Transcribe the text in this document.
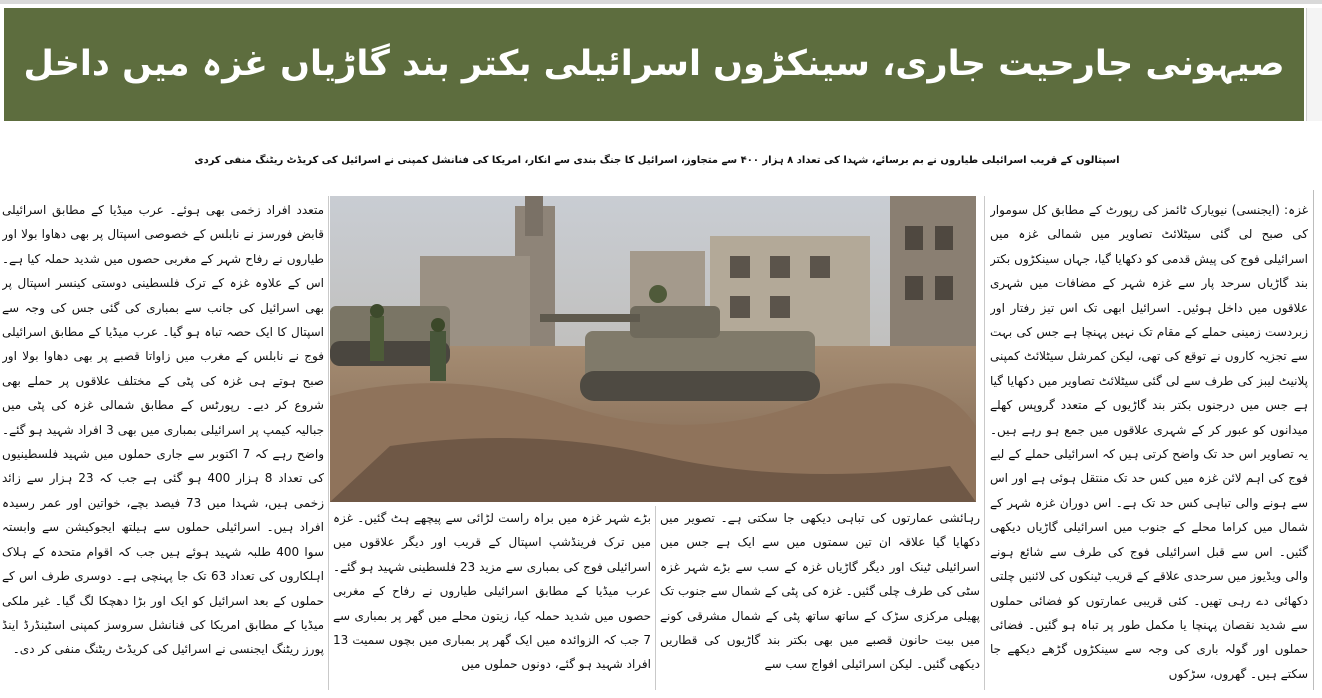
صیہونی جارحیت جاری، سینکڑوں اسرائیلی بکتر بند گاڑیاں غزہ میں داخل
اسپتالوں کے قریب اسرائیلی طیاروں نے بم برسائے، شہدا کی تعداد ۸ ہزار ۴۰۰ سے متجاوز، اسرائیل کا جنگ بندی سے انکار، امریکا کی فنانشل کمپنی نے اسرائیل کی کریڈٹ ریٹنگ منفی کردی
غزہ: (ایجنسی) نیویارک ٹائمز کی رپورٹ کے مطابق کل سوموار کی صبح لی گئی سیٹلائٹ تصاویر میں شمالی غزہ میں اسرائیلی فوج کی پیش قدمی کو دکھایا گیا، جہاں سینکڑوں بکتر بند گاڑیاں سرحد پار سے غزہ شہر کے مضافات میں شہری علاقوں میں داخل ہوئیں۔ اسرائیل ابھی تک اس تیز رفتار اور زبردست زمینی حملے کے مقام تک نہیں پہنچا ہے جس کی بہت سے تجزیہ کاروں نے توقع کی تھی، لیکن کمرشل سیٹلائٹ کمپنی پلانیٹ لیبز کی طرف سے لی گئی سیٹلائٹ تصاویر میں دکھایا گیا ہے جس میں درجنوں بکتر بند گاڑیوں کے متعدد گروپس کھلے میدانوں کو عبور کر کے شہری علاقوں میں جمع ہو رہے ہیں۔ یہ تصاویر اس حد تک واضح کرتی ہیں کہ اسرائیلی حملے کے لیے فوج کی اہم لائن غزہ میں کس حد تک منتقل ہوئی ہے اور اس سے ہونے والی تباہی کس حد تک ہے۔ اس دوران غزہ شہر کے شمال میں کراما محلے کے جنوب میں اسرائیلی گاڑیاں دیکھی گئیں۔ اس سے قبل اسرائیلی فوج کی طرف سے شائع ہونے والی ویڈیوز میں سرحدی علاقے کے قریب ٹینکوں کی لائنیں چلتی دکھائی دے رہی تھیں۔ کئی قریبی عمارتوں کو فضائی حملوں سے شدید نقصان پہنچا یا مکمل طور پر تباہ ہو گئیں۔ فضائی حملوں اور گولہ باری کی وجہ سے سینکڑوں گڑھے دیکھے جا سکتے ہیں۔ گھروں، سڑکوں
رہائشی عمارتوں کی تباہی دیکھی جا سکتی ہے۔ تصویر میں دکھایا گیا علاقہ ان تین سمتوں میں سے ایک ہے جس میں اسرائیلی ٹینک اور دیگر گاڑیاں غزہ کے سب سے بڑے شہر غزہ سٹی کی طرف چلی گئیں۔ غزہ کی پٹی کے شمال سے جنوب تک پھیلی مرکزی سڑک کے ساتھ ساتھ پٹی کے شمال مشرقی کونے میں بیت حانون قصبے میں بھی بکتر بند گاڑیوں کی قطاریں دیکھی گئیں۔ لیکن اسرائیلی افواج سب سے
بڑے شہر غزہ میں براہ راست لڑائی سے پیچھے ہٹ گئیں۔ غزہ میں ترک فرینڈشپ اسپتال کے قریب اور دیگر علاقوں میں اسرائیلی فوج کی بمباری سے مزید 23 فلسطینی شہید ہو گئے۔ عرب میڈیا کے مطابق اسرائیلی طیاروں نے رفاح کے مغربی حصوں میں شدید حملہ کیا، زیتون محلے میں گھر پر بمباری سے 7 جب کہ الزوائدہ میں ایک گھر پر بمباری میں بچوں سمیت 13 افراد شہید ہو گئے، دونوں حملوں میں
متعدد افراد زخمی بھی ہوئے۔ عرب میڈیا کے مطابق اسرائیلی قابض فورسز نے نابلس کے خصوصی اسپتال پر بھی دھاوا بولا اور طیاروں نے رفاح شہر کے مغربی حصوں میں شدید حملہ کیا ہے۔ اس کے علاوہ غزہ کے ترک فلسطینی دوستی کینسر اسپتال پر بھی اسرائیل کی جانب سے بمباری کی گئی جس کی وجہ سے اسپتال کا ایک حصہ تباہ ہو گیا۔ عرب میڈیا کے مطابق اسرائیلی فوج نے نابلس کے مغرب میں زاواتا قصبے پر بھی دھاوا بولا اور صبح ہوتے ہی غزہ کی پٹی کے مختلف علاقوں پر حملے بھی شروع کر دیے۔ رپورٹس کے مطابق شمالی غزہ کی پٹی میں جبالیہ کیمپ پر اسرائیلی بمباری میں بھی 3 افراد شہید ہو گئے۔ واضح رہے کہ 7 اکتوبر سے جاری حملوں میں شہید فلسطینیوں کی تعداد 8 ہزار 400 ہو گئی ہے جب کہ 23 ہزار سے زائد زخمی ہیں، شہدا میں 73 فیصد بچے، خواتین اور عمر رسیدہ افراد ہیں۔ اسرائیلی حملوں سے ہیلتھ ایجوکیشن سے وابستہ سوا 400 طلبہ شہید ہوئے ہیں جب کہ اقوام متحدہ کے ہلاک اہلکاروں کی تعداد 63 تک جا پہنچی ہے۔ دوسری طرف اس کے حملوں کے بعد اسرائیل کو ایک اور بڑا دھچکا لگ گیا۔ غیر ملکی میڈیا کے مطابق امریکا کی فنانشل سروسز کمپنی اسٹینڈرڈ اینڈ پورز ریٹنگ ایجنسی نے اسرائیل کی کریڈٹ ریٹنگ منفی کر دی۔
